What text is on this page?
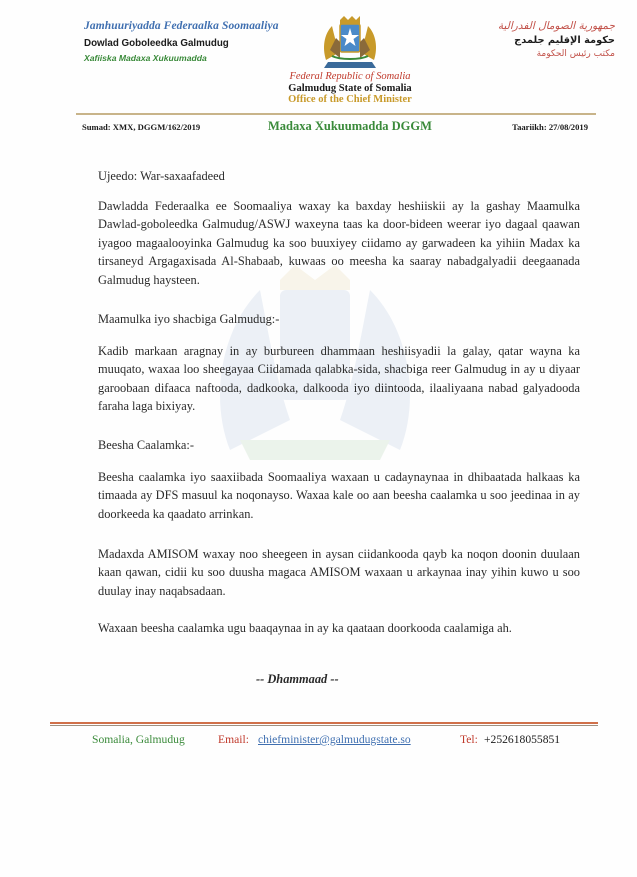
Jamhuuriyadda Federaalka Soomaaliya
Dowlad Goboleedka Galmudug
Xafiiska Madaxa Xukuumadda
جمهورية الصومال الفدرالية
حكومة الإقليم جلمدج
مكتب رئيس الحكومة
Federal Republic of Somalia
Galmudug State of Somalia
Office of the Chief Minister
Sumad: XMX, DGGM/162/2019	Madaxa Xukuumadda DGGM	Taariikh: 27/08/2019
Ujeedo: War-saxaafadeed
Dawladda Federaalka ee Soomaaliya waxay ka baxday heshiiskii ay la gashay Maamulka Dawlad-goboleedka Galmudug/ASWJ waxeyna taas ka door-bideen weerar iyo dagaal qaawan iyagoo magaalooyinka Galmudug ka soo buuxiyey ciidamo ay garwadeen ka yihiin Madax ka tirsaneyd Argagaxisada Al-Shabaab, kuwaas oo meesha ka saaray nabadgalyadii deegaanada Galmudug haysteen.
Maamulka iyo shacbiga Galmudug:-
Kadib markaan aragnay in ay burbureen dhammaan heshiisyadii la galay, qatar wayna ka muuqato, waxaa loo sheegayaa Ciidamada qalabka-sida, shacbiga reer Galmudug in ay u diyaar garoobaan difaaca naftooda, dadkooka, dalkooda iyo diintooda, ilaaliyaana nabad galyadooda faraha laga bixiyay.
Beesha Caalamka:-
Beesha caalamka iyo saaxiibada Soomaaliya waxaan u cadaynaynaa in dhibaatada halkaas ka timaada ay DFS masuul ka noqonayso. Waxaa kale oo aan beesha caalamka u soo jeedinaa in ay doorkeeda ka qaadato arrinkan.
Madaxda AMISOM waxay noo sheegeen in aysan ciidankooda qayb ka noqon doonin duulaan kaan qawan, cidii ku soo duusha magaca AMISOM waxaan u arkaynaa inay yihin kuwo u soo duulay inay naqabsadaan.
Waxaan beesha caalamka ugu baaqaynaa in ay ka qaataan doorkooda caalamiga ah.
-- Dhammaad --
Somalia, Galmudug	Email: chiefminister@galmudugstate.so	Tel: +252618055851
